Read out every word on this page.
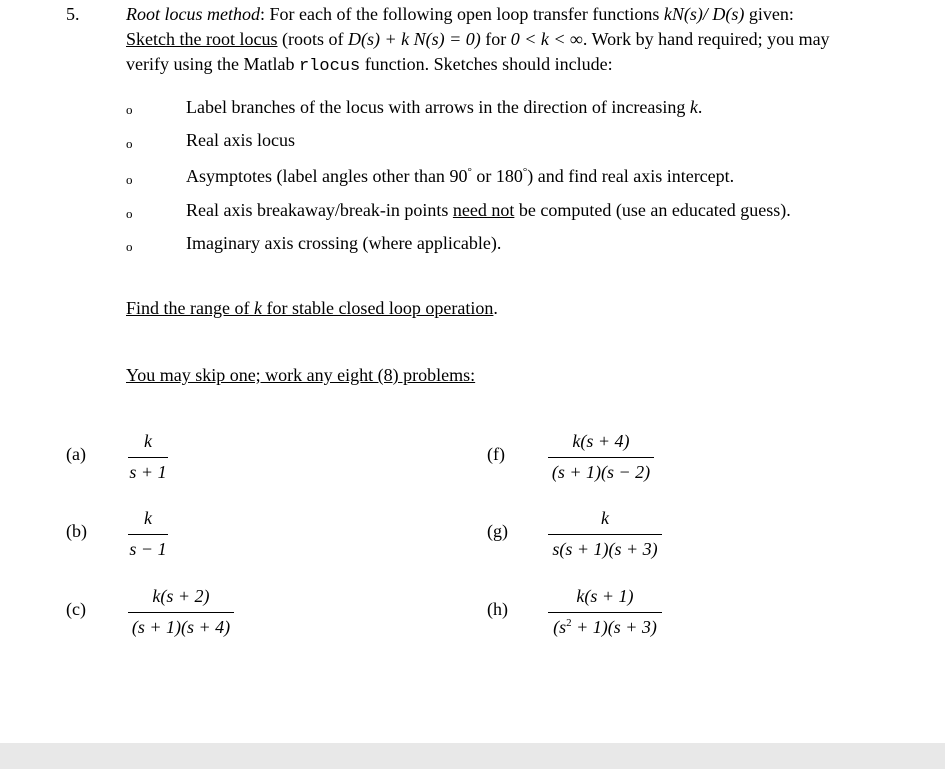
5.	Root locus method: For each of the following open loop transfer functions kN(s)/ D(s) given:
Sketch the root locus (roots of D(s) + k N(s) = 0) for 0 < k < ∞. Work by hand required; you may
verify using the Matlab rlocus function. Sketches should include:
o	Label branches of the locus with arrows in the direction of increasing k.
o	Real axis locus
o	Asymptotes (label angles other than 90° or 180°) and find real axis intercept.
o	Real axis breakaway/break-in points need not be computed (use an educated guess).
o	Imaginary axis crossing (where applicable).
Find the range of k for stable closed loop operation.
You may skip one; work any eight (8) problems:
(a)
k
s + 1
(b)
k
s − 1
(c)
k(s + 2)
(s + 1)(s + 4)
(f)
k(s + 4)
(s + 1)(s − 2)
(g)
k
s(s + 1)(s + 3)
(h)
k(s + 1)
$(s^2 + 1)(s + 3)$
